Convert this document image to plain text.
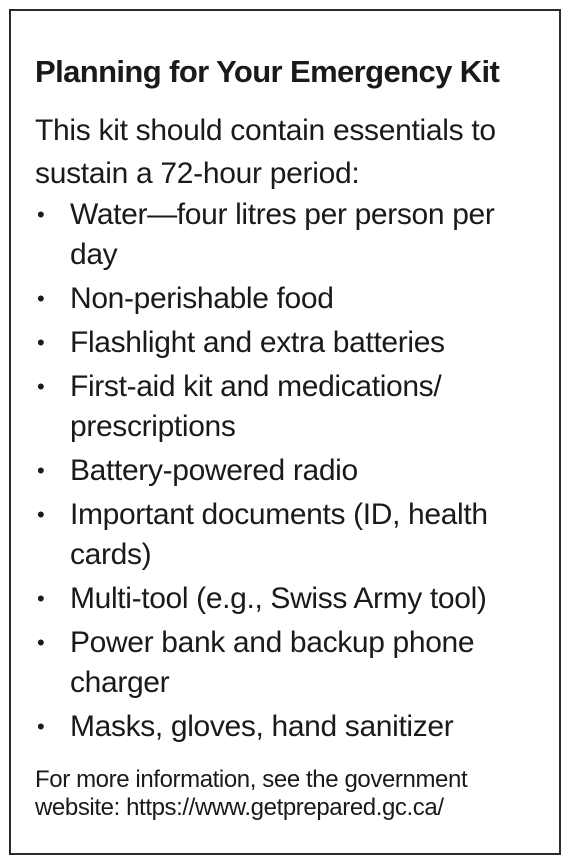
Planning for Your Emergency Kit

This kit should contain essentials to sustain a 72-hour period:

• Water—four litres per person per day
• Non-perishable food
• Flashlight and extra batteries
• First-aid kit and medications/ prescriptions
• Battery-powered radio
• Important documents (ID, health cards)
• Multi-tool (e.g., Swiss Army tool)
• Power bank and backup phone charger
• Masks, gloves, hand sanitizer

For more information, see the government website: https://www.getprepared.gc.ca/
